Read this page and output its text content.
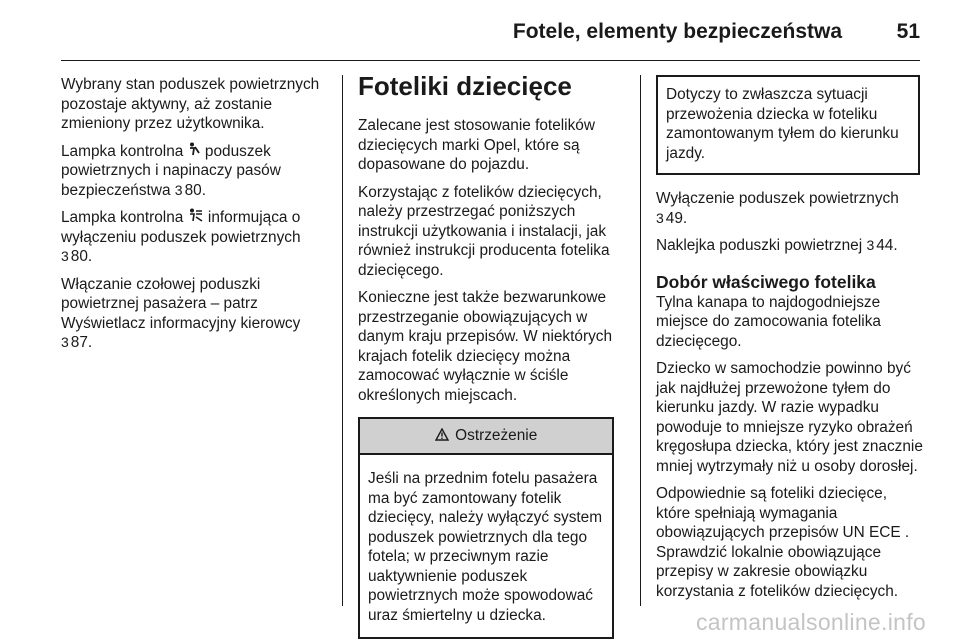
Fotele, elementy bezpieczeństwa	51

Wybrany stan poduszek powietrznych pozostaje aktywny, aż zostanie zmieniony przez użytkownika.

Lampka kontrolna poduszek powietrznych i napinaczy pasów bezpieczeństwa 3 80.

Lampka kontrolna informująca o wyłączeniu poduszek powietrznych
3 80.

Włączanie czołowej poduszki powietrznej pasażera – patrz Wyświetlacz informacyjny kierowcy
3 87.

Foteliki dziecięce

Zalecane jest stosowanie fotelików dziecięcych marki Opel, które są dopasowane do pojazdu.

Korzystając z fotelików dziecięcych, należy przestrzegać poniższych instrukcji użytkowania i instalacji, jak również instrukcji producenta fotelika dziecięcego.

Konieczne jest także bezwarunkowe przestrzeganie obowiązujących w danym kraju przepisów. W niektórych krajach fotelik dziecięcy można zamocować wyłącznie w ściśle określonych miejscach.

Ostrzeżenie
Jeśli na przednim fotelu pasażera ma być zamontowany fotelik dziecięcy, należy wyłączyć system poduszek powietrznych dla tego fotela; w przeciwnym razie uaktywnienie poduszek powietrznych może spowodować uraz śmiertelny u dziecka.
Dotyczy to zwłaszcza sytuacji przewożenia dziecka w foteliku zamontowanym tyłem do kierunku jazdy.

Wyłączenie poduszek powietrznych
3 49.

Naklejka poduszki powietrznej 3 44.

Dobór właściwego fotelika

Tylna kanapa to najdogodniejsze miejsce do zamocowania fotelika dziecięcego.

Dziecko w samochodzie powinno być jak najdłużej przewożone tyłem do kierunku jazdy. W razie wypadku powoduje to mniejsze ryzyko obrażeń kręgosłupa dziecka, który jest znacznie mniej wytrzymały niż u osoby dorosłej.

Odpowiednie są foteliki dziecięce, które spełniają wymagania obowiązujących przepisów UN ECE . Sprawdzić lokalnie obowiązujące przepisy w zakresie obowiązku korzystania z fotelików dziecięcych.

carmanualsonline.info
